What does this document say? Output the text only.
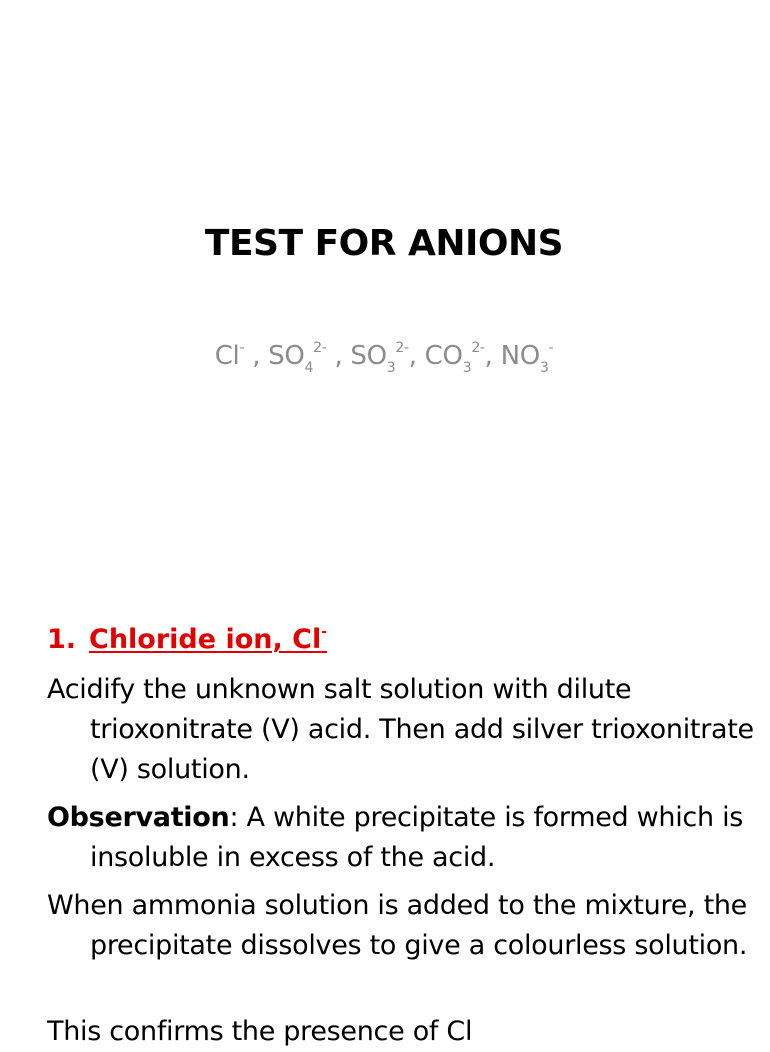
TEST FOR ANIONS

Cl- , $SO_4^{2-}$ , $SO_3^{2-}$, $CO_3^{2-}$, $NO_3^-$

1. Chloride ion, Cl-

Acidify the unknown salt solution with dilute trioxonitrate (V) acid. Then add silver trioxonitrate (V) solution.

Observation: A white precipitate is formed which is insoluble in excess of the acid.

When ammonia solution is added to the mixture, the precipitate dissolves to give a colourless solution.

This confirms the presence of Cl
